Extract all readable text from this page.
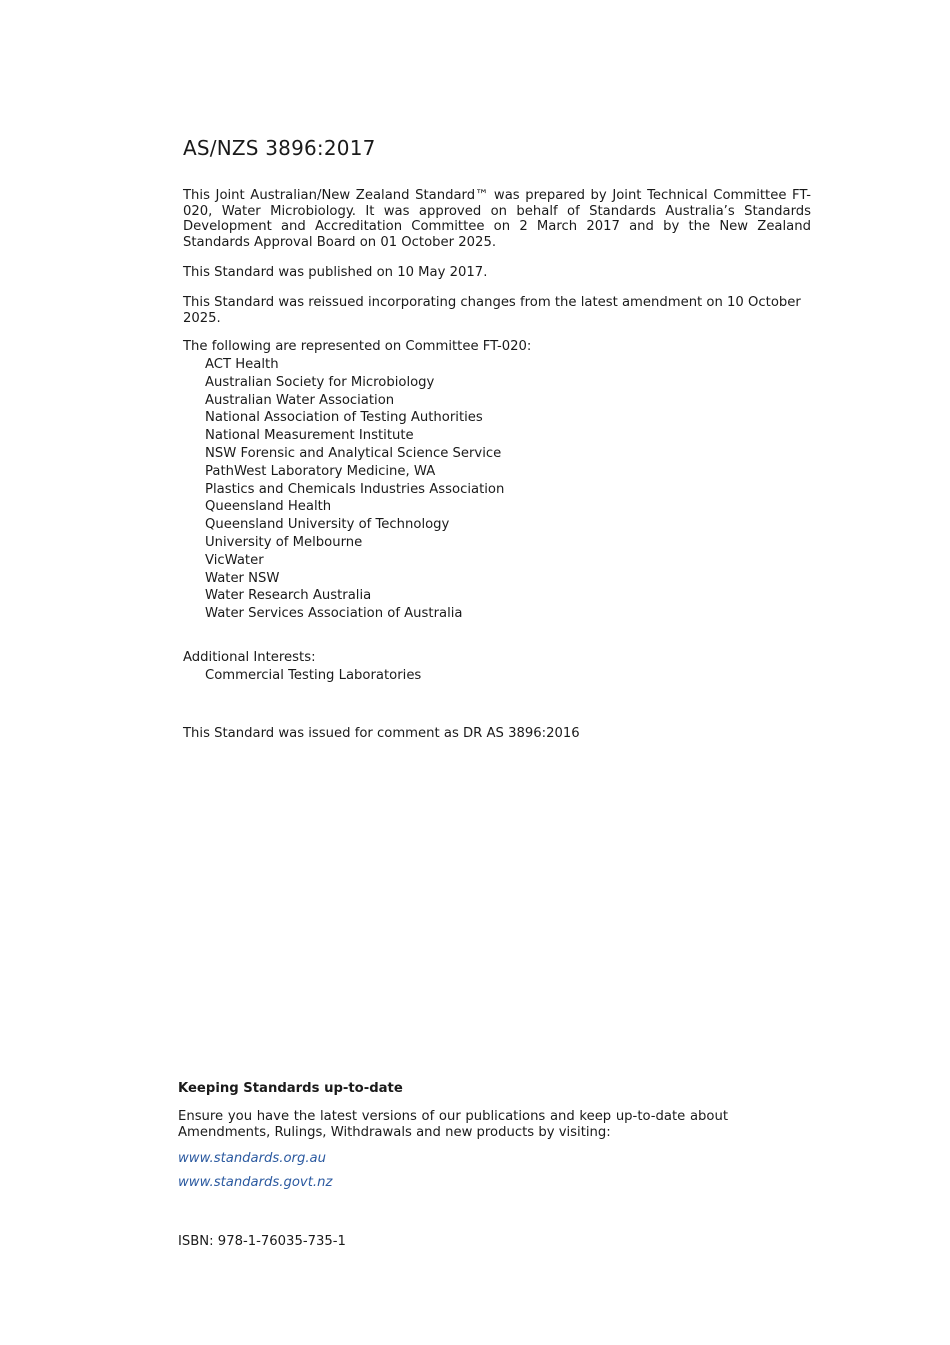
AS/NZS 3896:2017

This Joint Australian/New Zealand Standard™ was prepared by Joint Technical Committee FT-020, Water Microbiology. It was approved on behalf of Standards Australia’s Standards Development and Accreditation Committee on 2 March 2017 and by the New Zealand Standards Approval Board on 01 October 2025.

This Standard was published on 10 May 2017.

This Standard was reissued incorporating changes from the latest amendment on 10 October 2025.

The following are represented on Committee FT-020:

ACT Health
Australian Society for Microbiology
Australian Water Association
National Association of Testing Authorities
National Measurement Institute
NSW Forensic and Analytical Science Service
PathWest Laboratory Medicine, WA
Plastics and Chemicals Industries Association
Queensland Health
Queensland University of Technology
University of Melbourne
VicWater
Water NSW
Water Research Australia
Water Services Association of Australia

Additional Interests:

Commercial Testing Laboratories

This Standard was issued for comment as DR AS 3896:2016

Keeping Standards up-to-date

Ensure you have the latest versions of our publications and keep up-to-date about Amendments, Rulings, Withdrawals and new products by visiting:

www.standards.org.au
www.standards.govt.nz

ISBN: 978-1-76035-735-1
